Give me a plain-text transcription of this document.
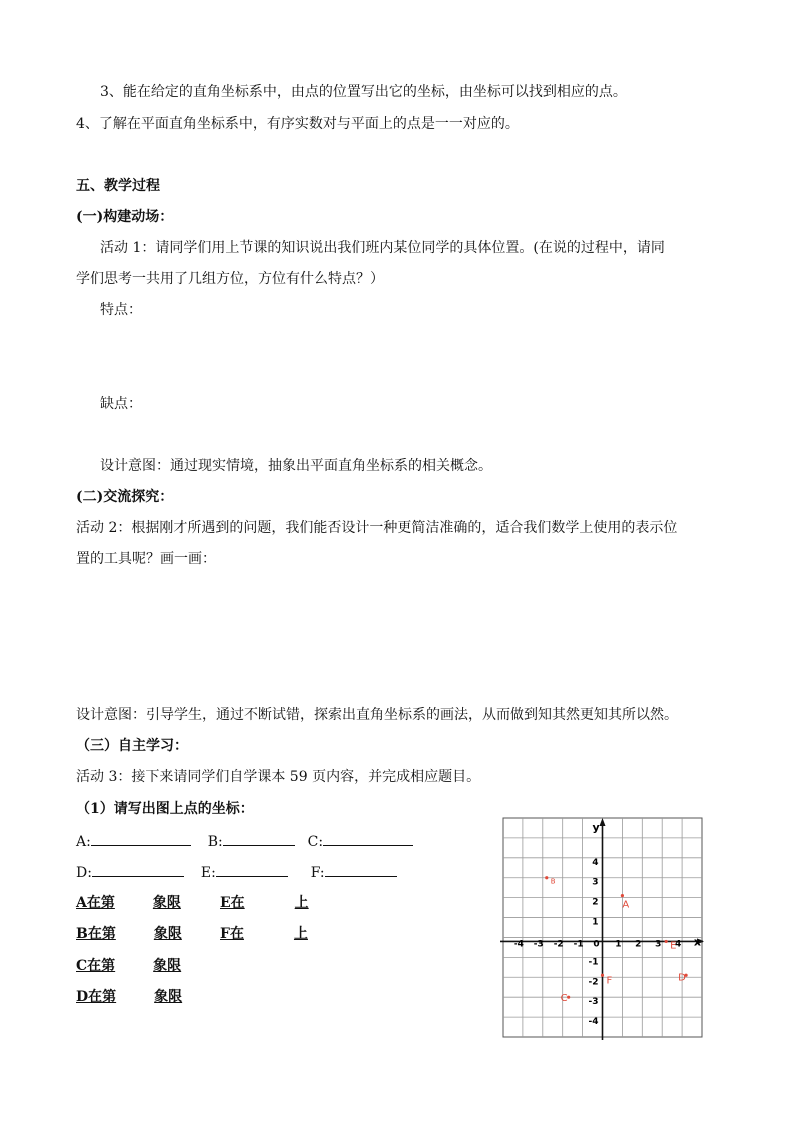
3、能在给定的直角坐标系中，由点的位置写出它的坐标，由坐标可以找到相应的点。
4、了解在平面直角坐标系中，有序实数对与平面上的点是一一对应的。
五、教学过程
(一)构建动场：
活动 1：请同学们用上节课的知识说出我们班内某位同学的具体位置。(在说的过程中，请同
学们思考一共用了几组方位，方位有什么特点？）
特点：
缺点：
设计意图：通过现实情境，抽象出平面直角坐标系的相关概念。
(二)交流探究：
活动 2：根据刚才所遇到的问题，我们能否设计一种更简洁准确的，适合我们数学上使用的表示位
置的工具呢？画一画：
设计意图：引导学生，通过不断试错，探索出直角坐标系的画法，从而做到知其然更知其所以然。
（三）自主学习：
活动 3：接下来请同学们自学课本 59 页内容，并完成相应题目。
（1）请写出图上点的坐标：
A:	B:	C:
D:	E:	F:
A在第	象限	E在	上
B在第	象限	F在	上
C在第	象限
D在第	象限
x
y
-4 -3 -2 -1 0 1 2 3 4
4
3
2
1
-1
-2
-3
-4
A
B
C
D
E
F
